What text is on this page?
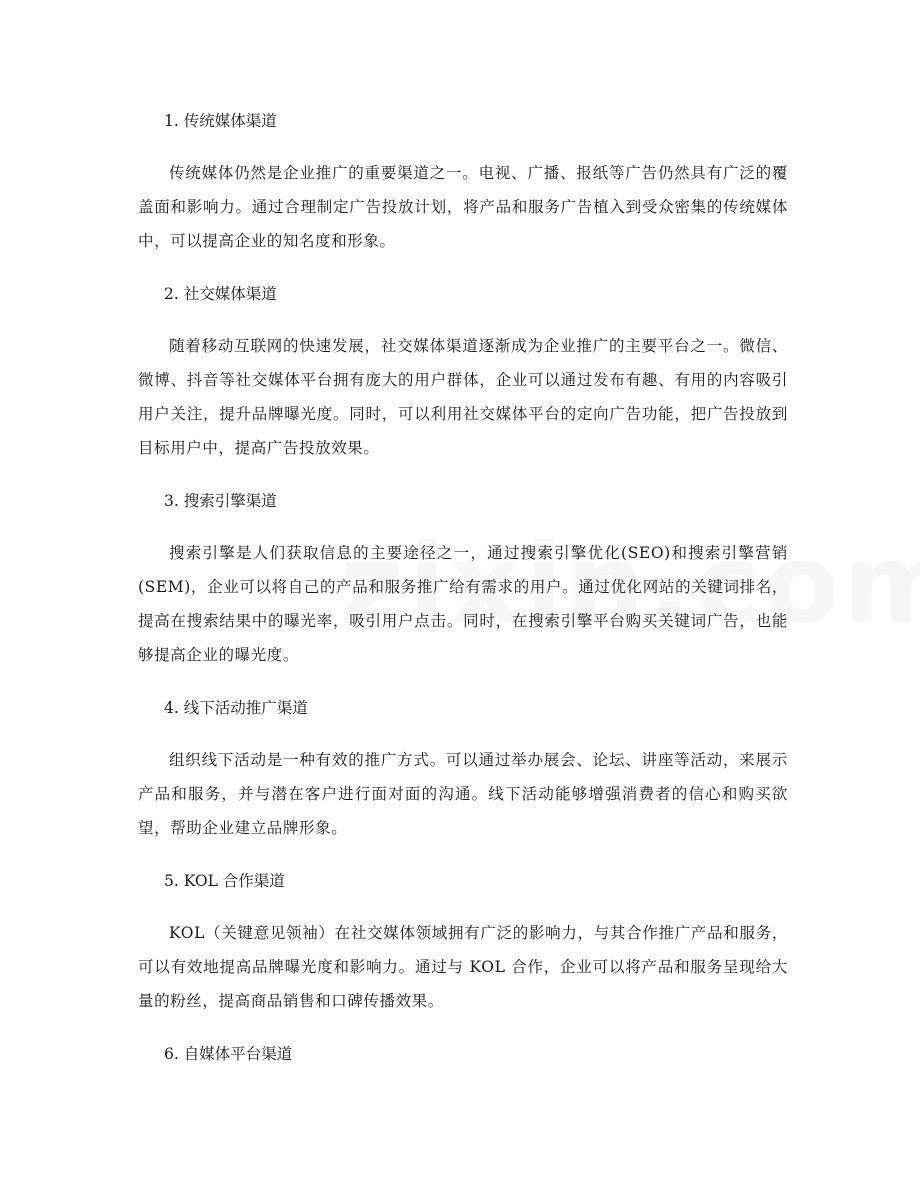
1. 传统媒体渠道

传统媒体仍然是企业推广的重要渠道之一。电视、广播、报纸等广告仍然具有广泛的覆盖面和影响力。通过合理制定广告投放计划，将产品和服务广告植入到受众密集的传统媒体中，可以提高企业的知名度和形象。

2. 社交媒体渠道

随着移动互联网的快速发展，社交媒体渠道逐渐成为企业推广的主要平台之一。微信、微博、抖音等社交媒体平台拥有庞大的用户群体，企业可以通过发布有趣、有用的内容吸引用户关注，提升品牌曝光度。同时，可以利用社交媒体平台的定向广告功能，把广告投放到目标用户中，提高广告投放效果。

3. 搜索引擎渠道

搜索引擎是人们获取信息的主要途径之一，通过搜索引擎优化(SEO)和搜索引擎营销(SEM)，企业可以将自己的产品和服务推广给有需求的用户。通过优化网站的关键词排名，提高在搜索结果中的曝光率，吸引用户点击。同时，在搜索引擎平台购买关键词广告，也能够提高企业的曝光度。

4. 线下活动推广渠道

组织线下活动是一种有效的推广方式。可以通过举办展会、论坛、讲座等活动，来展示产品和服务，并与潜在客户进行面对面的沟通。线下活动能够增强消费者的信心和购买欲望，帮助企业建立品牌形象。

5. KOL 合作渠道

KOL（关键意见领袖）在社交媒体领域拥有广泛的影响力，与其合作推广产品和服务，可以有效地提高品牌曝光度和影响力。通过与 KOL 合作，企业可以将产品和服务呈现给大量的粉丝，提高商品销售和口碑传播效果。

6. 自媒体平台渠道
